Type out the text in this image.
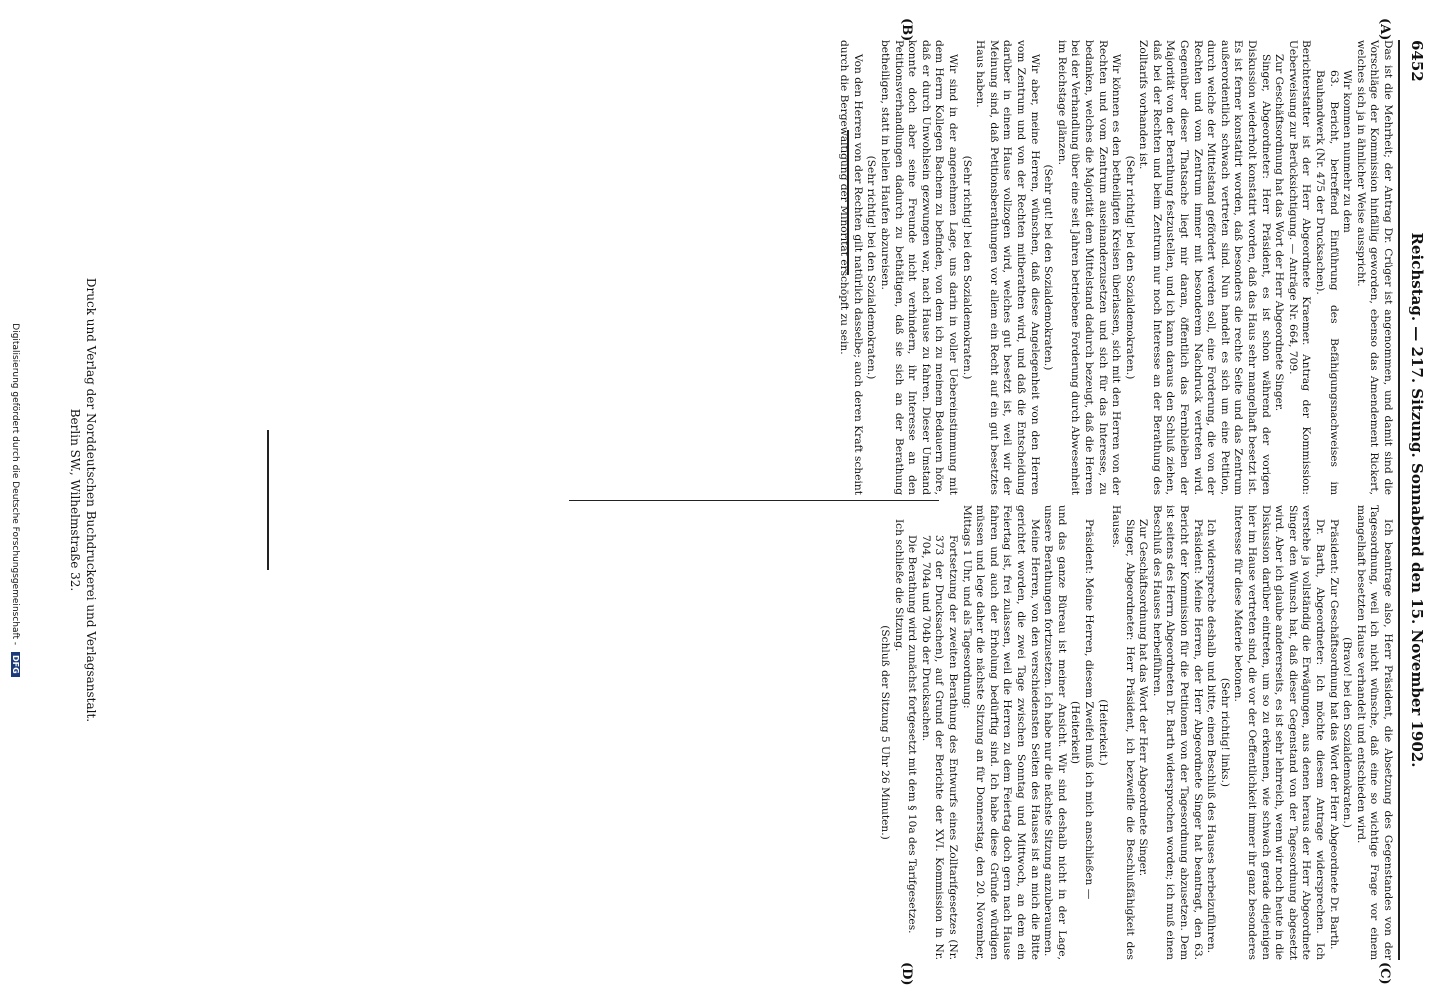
6452
Reichstag. — 217. Sitzung. Sonnabend den 15. November 1902.
(A)
(B)
(C)
(D)

Das ist die Mehrheit; der Antrag Dr. Crüger ist angenommen, und damit sind die Vorschläge der Kommission hinfällig geworden, ebenso das Amendement Rickert, welches sich ja in ähnlicher Weise ausspricht.

Wir kommen nunmehr zu dem

63. Bericht, betreffend Einführung des Befähigungsnachweises im Bauhandwerk (Nr. 475 der Drucksachen).

Berichterstatter ist der Herr Abgeordnete Kraemer. Antrag der Kommission: Ueberweisung zur Berücksichtigung. — Anträge Nr. 664, 709.

Zur Geschäftsordnung hat das Wort der Herr Abgeordnete Singer.

Singer, Abgeordneter: Herr Präsident, es ist schon während der vorigen Diskussion wiederholt konstatirt worden, daß das Haus sehr mangelhaft besetzt ist. Es ist ferner konstatirt worden, daß besonders die rechte Seite und das Zentrum außerordentlich schwach vertreten sind. Nun handelt es sich um eine Petition, durch welche der Mittelstand gefördert werden soll, eine Forderung, die von der Rechten und vom Zentrum immer mit besonderem Nachdruck vertreten wird. Gegenüber dieser Thatsache liegt mir daran, öffentlich das Fernbleiben der Majorität von der Berathung festzustellen, und ich kann daraus den Schluß ziehen, daß bei der Rechten und beim Zentrum nur noch Interesse an der Berathung des Zolltarifs vorhanden ist.

(Sehr richtig! bei den Sozialdemokraten.)

Wir können es den betheiligten Kreisen überlassen, sich mit den Herren von der Rechten und vom Zentrum auseinanderzusetzen und sich für das Interesse, zu bedanken, welches die Majorität dem Mittelstand dadurch bezeugt, daß die Herren bei der Verhandlung über eine seit Jahren betriebene Forderung durch Abwesenheit im Reichstage glänzen.

(Sehr gut! bei den Sozialdemokraten.)

Wir aber, meine Herren, wünschen, daß diese Angelegenheit von den Herren vom Zentrum und von der Rechten mitberathen wird, und daß die Entscheidung darüber in einem Hause vollzogen wird, welches gut besetzt ist, weil wir der Meinung sind, daß Petitionsberathungen vor allem ein Recht auf ein gut besetztes Haus haben.

(Sehr richtig! bei den Sozialdemokraten.)

Wir sind in der angenehmen Lage, uns darin in voller Uebereinstimmung mit dem Herrn Kollegen Bachem zu befinden, von dem ich zu meinem Bedauern höre, daß er durch Unwohlsein gezwungen war, nach Hause zu fahren. Dieser Umstand konnte doch aber seine Freunde nicht verhindern, ihr Interesse an den Petitionsverhandlungen dadurch zu bethätigen, daß sie sich an der Berathung betheiligen, statt in hellen Haufen abzureisen.

(Sehr richtig! bei den Sozialdemokraten.)

Von den Herren von der Rechten gilt natürlich dasselbe; auch deren Kraft scheint durch die Bergewaltigung der Minorität erschöpft zu sein.

Ich beantrage also, Herr Präsident, die Absetzung des Gegenstandes von der Tagesordnung, weil ich nicht wünsche, daß eine so wichtige Frage vor einem mangelhaft besetzten Hause verhandelt und entschieden wird.

(Bravo! bei den Sozialdemokraten.)

Präsident: Zur Geschäftsordnung hat das Wort der Herr Abgeordnete Dr. Barth.

Dr. Barth, Abgeordneter: Ich möchte diesem Antrage widersprechen. Ich verstehe ja vollständig die Erwägungen, aus denen heraus der Herr Abgeordnete Singer den Wunsch hat, daß dieser Gegenstand von der Tagesordnung abgesetzt wird. Aber ich glaube andererseits, es ist sehr lehrreich, wenn wir noch heute in die Diskussion darüber eintreten, um so zu erkennen, wie schwach gerade diejenigen hier im Hause vertreten sind, die vor der Oeffentlichkeit immer ihr ganz besonderes Interesse für diese Materie betonen.

(Sehr richtig! links.)

Ich widerspreche deshalb und bitte, einen Beschluß des Hauses herbeizuführen.

Präsident: Meine Herren, der Herr Abgeordnete Singer hat beantragt, den 63. Bericht der Kommission für die Petitionen von der Tagesordnung abzusetzen. Dem ist seitens des Herrn Abgeordneten Dr. Barth widersprochen worden; ich muß einen Beschluß des Hauses herbeiführen.

Zur Geschäftsordnung hat das Wort der Herr Abgeordnete Singer.

Singer, Abgeordneter: Herr Präsident, ich bezweifle die Beschlußfähigkeit des Hauses.

(Heiterkeit.)

Präsident: Meine Herren, diesem Zweifel muß ich mich anschließen —

(Heiterkeit)

und das ganze Büreau ist meiner Ansicht. Wir sind deshalb nicht in der Lage, unsere Berathungen fortzusetzen. Ich habe nur die nächste Sitzung anzuberaumen.

Meine Herren, von den verschiedensten Seiten des Hauses ist an mich die Bitte gerichtet worden, die zwei Tage zwischen Sonntag und Mittwoch, an dem ein Feiertag ist, frei zulassen, weil die Herren zu dem Feiertag doch gern nach Hause fahren und auch der Erholung bedürftig sind. Ich habe diese Gründe würdigen müssen und lege daher die nächste Sitzung an für Donnerstag, den 20. November, Mittags 1 Uhr, und als Tagesordnung:

Fortsetzung der zweiten Berathung des Entwurfs eines Zolltarifgesetzes (Nr. 373 der Drucksachen), auf Grund der Berichte der XVI. Kommission in Nr. 704, 704a und 704b der Drucksachen.

Die Berathung wird zunächst fortgesetzt mit dem § 10a des Tarifgesetzes.

Ich schließe die Sitzung.

(Schluß der Sitzung 5 Uhr 26 Minuten.)

Druck und Verlag der Norddeutschen Buchdruckerei und Verlagsanstalt.
Berlin SW., Wilhelmstraße 32.
Digitalisierung gefördert durch die Deutsche Forschungsgemeinschaft - DFG
